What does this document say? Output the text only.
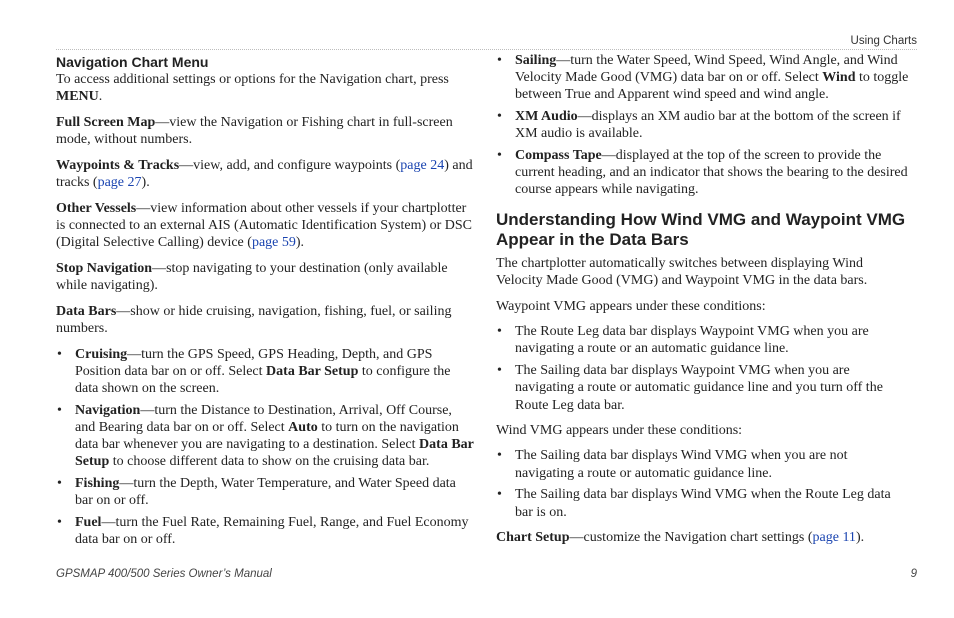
Using Charts
Navigation Chart Menu

To access additional settings or options for the Navigation chart, press MENU.

Full Screen Map—view the Navigation or Fishing chart in full-screen mode, without numbers.

Waypoints & Tracks—view, add, and configure waypoints (page 24) and tracks (page 27).

Other Vessels—view information about other vessels if your chartplotter is connected to an external AIS (Automatic Identification System) or DSC (Digital Selective Calling) device (page 59).

Stop Navigation—stop navigating to your destination (only available while navigating).

Data Bars—show or hide cruising, navigation, fishing, fuel, or sailing numbers.

• Cruising—turn the GPS Speed, GPS Heading, Depth, and GPS Position data bar on or off. Select Data Bar Setup to configure the data shown on the screen.
• Navigation—turn the Distance to Destination, Arrival, Off Course, and Bearing data bar on or off. Select Auto to turn on the navigation data bar whenever you are navigating to a destination. Select Data Bar Setup to choose different data to show on the cruising data bar.
• Fishing—turn the Depth, Water Temperature, and Water Speed data bar on or off.
• Fuel—turn the Fuel Rate, Remaining Fuel, Range, and Fuel Economy data bar on or off.
• Sailing—turn the Water Speed, Wind Speed, Wind Angle, and Wind Velocity Made Good (VMG) data bar on or off. Select Wind to toggle between True and Apparent wind speed and wind angle.
• XM Audio—displays an XM audio bar at the bottom of the screen if XM audio is available.
• Compass Tape—displayed at the top of the screen to provide the current heading, and an indicator that shows the bearing to the desired course appears while navigating.
Understanding How Wind VMG and Waypoint VMG Appear in the Data Bars

The chartplotter automatically switches between displaying Wind Velocity Made Good (VMG) and Waypoint VMG in the data bars.

Waypoint VMG appears under these conditions:

• The Route Leg data bar displays Waypoint VMG when you are navigating a route or an automatic guidance line.
• The Sailing data bar displays Waypoint VMG when you are navigating a route or automatic guidance line and you turn off the Route Leg data bar.

Wind VMG appears under these conditions:

• The Sailing data bar displays Wind VMG when you are not navigating a route or automatic guidance line.
• The Sailing data bar displays Wind VMG when the Route Leg data bar is on.

Chart Setup—customize the Navigation chart settings (page 11).

GPSMAP 400/500 Series Owner’s Manual	9
